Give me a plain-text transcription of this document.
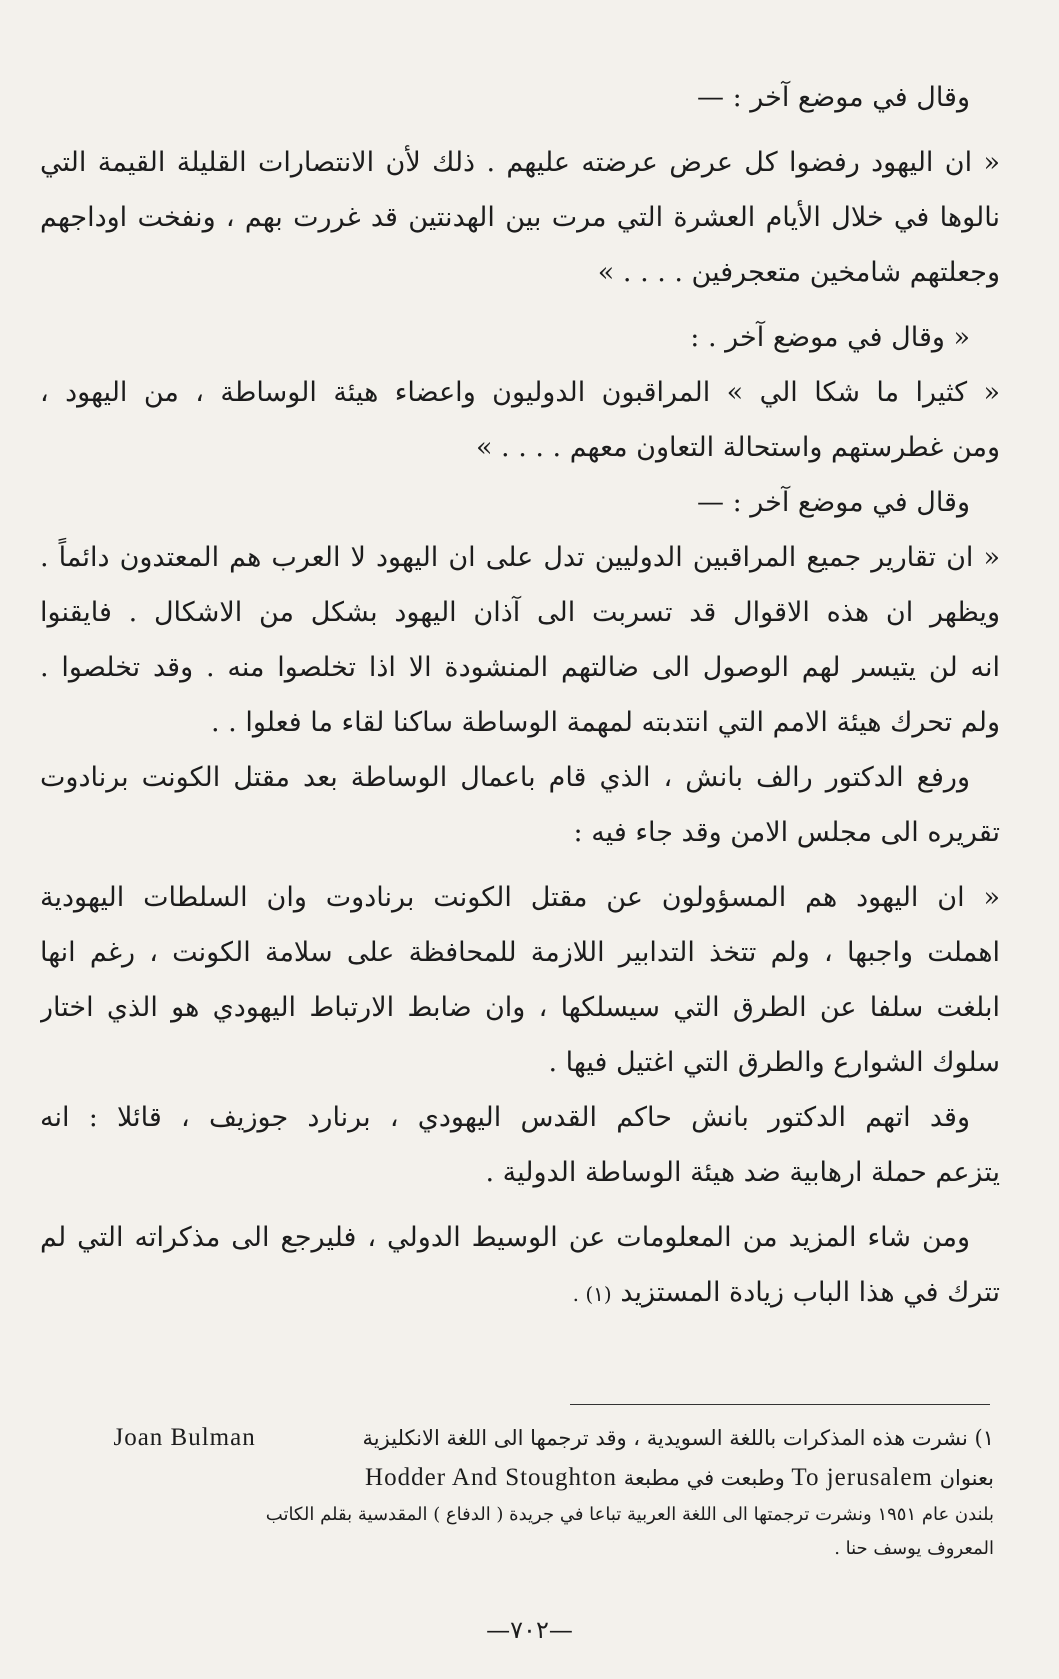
وقال في موضع آخر : —
« ان اليهود رفضوا كل عرض عرضته عليهم . ذلك لأن الانتصارات القليلة القيمة التي
نالوها في خلال الأيام العشرة التي مرت بين الهدنتين قد غررت بهم ، ونفخت اوداجهم
وجعلتهم شامخين متعجرفين . . . . »
« وقال في موضع آخر . :
« كثيرا ما شكا الي » المراقبون الدوليون واعضاء هيئة الوساطة ، من اليهود ،
ومن غطرستهم واستحالة التعاون معهم . . . . »
وقال في موضع آخر : —
« ان تقارير جميع المراقبين الدوليين تدل على ان اليهود لا العرب هم المعتدون دائماً .
ويظهر ان هذه الاقوال قد تسربت الى آذان اليهود بشكل من الاشكال . فايقنوا
انه لن يتيسر لهم الوصول الى ضالتهم المنشودة الا اذا تخلصوا منه . وقد تخلصوا .
ولم تحرك هيئة الامم التي انتدبته لمهمة الوساطة ساكنا لقاء ما فعلوا . .
ورفع الدكتور رالف بانش ، الذي قام باعمال الوساطة بعد مقتل الكونت برنادوت
تقريره الى مجلس الامن وقد جاء فيه :
« ان اليهود هم المسؤولون عن مقتل الكونت برنادوت وان السلطات اليهودية
اهملت واجبها ، ولم تتخذ التدابير اللازمة للمحافظة على سلامة الكونت ، رغم انها
ابلغت سلفا عن الطرق التي سيسلكها ، وان ضابط الارتباط اليهودي هو الذي اختار
سلوك الشوارع والطرق التي اغتيل فيها .
وقد اتهم الدكتور بانش حاكم القدس اليهودي ، برنارد جوزيف ، قائلا : انه
يتزعم حملة ارهابية ضد هيئة الوساطة الدولية .
ومن شاء المزيد من المعلومات عن الوسيط الدولي ، فليرجع الى مذكراته التي لم
تترك في هذا الباب زيادة المستزيد (١) .
١) نشرت هذه المذكرات باللغة السويدية ، وقد ترجمها الى اللغة الانكليزية                Joan Bulman
بعنوان To jerusalem وطبعت في مطبعة Hodder And Stoughton
بلندن عام ١٩٥١ ونشرت ترجمتها الى اللغة العربية تباعا في جريدة ( الدفاع ) المقدسية بقلم الكاتب
المعروف يوسف حنا .
—٧٠٢—
